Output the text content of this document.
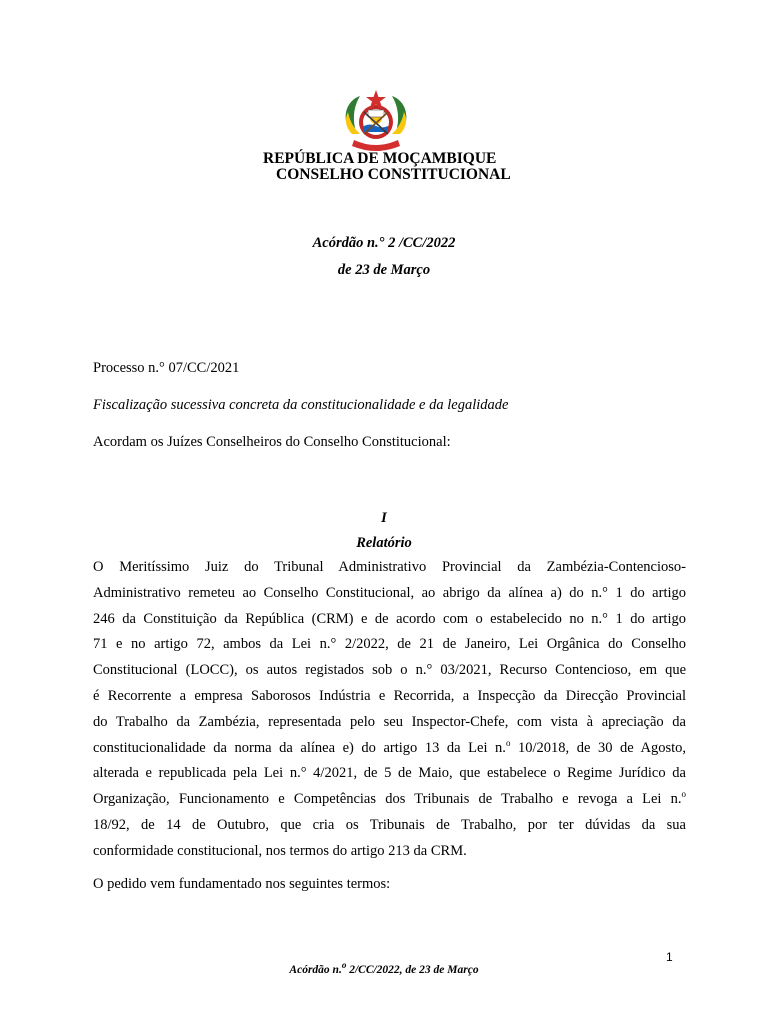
REPÚBLICA DE MOÇAMBIQUE
CONSELHO CONSTITUCIONAL
Acórdão n.° 2 /CC/2022
de 23 de Março
Processo n.° 07/CC/2021
Fiscalização sucessiva concreta da constitucionalidade e da legalidade
Acordam os Juízes Conselheiros do Conselho Constitucional:
I
Relatório
O Meritíssimo Juiz do Tribunal Administrativo Provincial da Zambézia-Contencioso-
Administrativo remeteu ao Conselho Constitucional, ao abrigo da alínea a) do n.° 1 do artigo
246 da Constituição da República (CRM) e de acordo com o estabelecido no n.° 1 do artigo
71 e no artigo 72, ambos da Lei n.° 2/2022, de 21 de Janeiro, Lei Orgânica do Conselho
Constitucional (LOCC), os autos registados sob o n.° 03/2021, Recurso Contencioso, em que
é Recorrente a empresa Saborosos Indústria e Recorrida, a Inspecção da Direcção Provincial
do Trabalho da Zambézia, representada pelo seu Inspector-Chefe, com vista à apreciação da
constitucionalidade da norma da alínea e) do artigo 13 da Lei n.$^o$ 10/2018, de 30 de Agosto,
alterada e republicada pela Lei n.° 4/2021, de 5 de Maio, que estabelece o Regime Jurídico da
Organização, Funcionamento e Competências dos Tribunais de Trabalho e revoga a Lei n.$^o$
18/92, de 14 de Outubro, que cria os Tribunais de Trabalho, por ter dúvidas da sua
conformidade constitucional, nos termos do artigo 213 da CRM.
O pedido vem fundamentado nos seguintes termos:
1
Acórdão n.$^o$ 2/CC/2022, de 23 de Março
